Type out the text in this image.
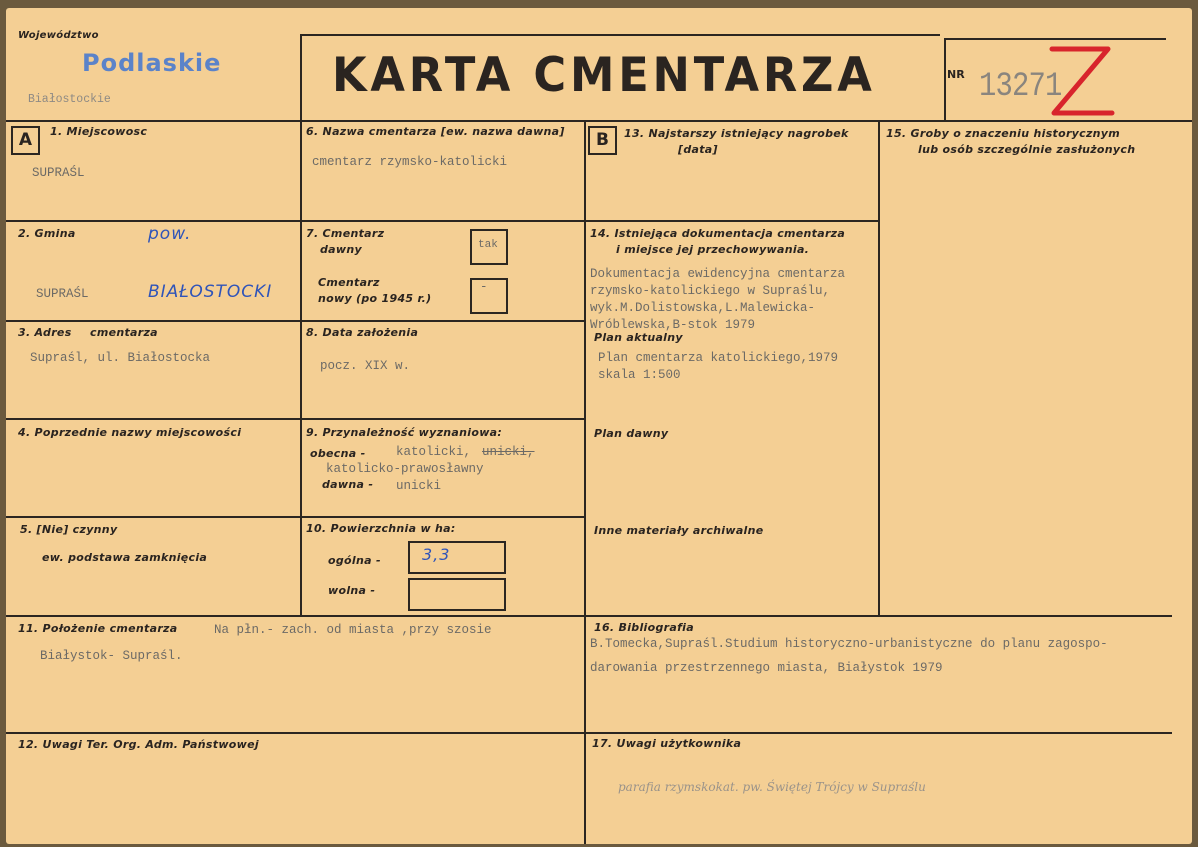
Województwo
Podlaskie
Białostockie	KARTA CMENTARZA	NR 13271
A	B
1. Miejscowosc
SUPRAŚL
2. Gmina
SUPRAŚL
pow.
BIAŁOSTOCKI
3. Adres cmentarza
Supraśl, ul. Białostocka
4. Poprzednie nazwy miejscowości
5. [Nie] czynny
ew. podstawa zamknięcia
6. Nazwa cmentarza [ew. nazwa dawna]
cmentarz rzymsko-katolicki
7. Cmentarz
dawny	tak
Cmentarz
nowy (po 1945 r.)
-
8. Data założenia
pocz. XIX w.
9. Przynależność wyznaniowa:
obecna - katolicki, unicki,
katolicko-prawosławny
dawna - unicki
10. Powierzchnia w ha:
ogólna -	3,3
wolna -
11. Położenie cmentarza	Na płn.- zach. od miasta ,przy szosie
Białystok- Supraśl.
12. Uwagi Ter. Org. Adm. Państwowej
13. Najstarszy istniejący nagrobek
[data]
14. Istniejąca dokumentacja cmentarza
i miejsce jej przechowywania.
Dokumentacja ewidencyjna cmentarza
rzymsko-katolickiego w Supraślu,
wyk.M.Dolistowska,L.Malewicka-
Wróblewska,B-stok 1979
Plan aktualny
Plan cmentarza katolickiego,1979
skala 1:500
Plan dawny
Inne materiały archiwalne
15. Groby o znaczeniu historycznym
lub osób szczególnie zasłużonych
16. Bibliografia
B.Tomecka,Supraśl.Studium historyczno-urbanistyczne do planu zagospo-
darowania przestrzennego miasta, Białystok 1979
17. Uwagi użytkownika
parafia rzymskokat. pw. Świętej Trójcy w Supraślu
